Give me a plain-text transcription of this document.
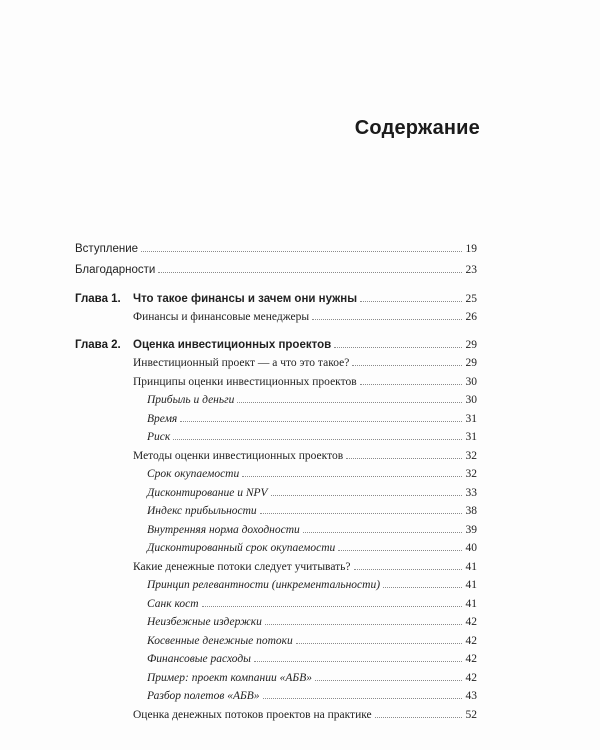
Содержание
Вступление	19
Благодарности	23
Глава 1. Что такое финансы и зачем они нужны	25
Финансы и финансовые менеджеры	26
Глава 2. Оценка инвестиционных проектов	29
Инвестиционный проект — а что это такое?	29
Принципы оценки инвестиционных проектов	30
Прибыль и деньги	30
Время	31
Риск	31
Методы оценки инвестиционных проектов	32
Срок окупаемости	32
Дисконтирование и NPV	33
Индекс прибыльности	38
Внутренняя норма доходности	39
Дисконтированный срок окупаемости	40
Какие денежные потоки следует учитывать?	41
Принцип релевантности (инкрементальности)	41
Санк кост	41
Неизбежные издержки	42
Косвенные денежные потоки	42
Финансовые расходы	42
Пример: проект компании «АБВ»	42
Разбор полетов «АБВ»	43
Оценка денежных потоков проектов на практике	52
